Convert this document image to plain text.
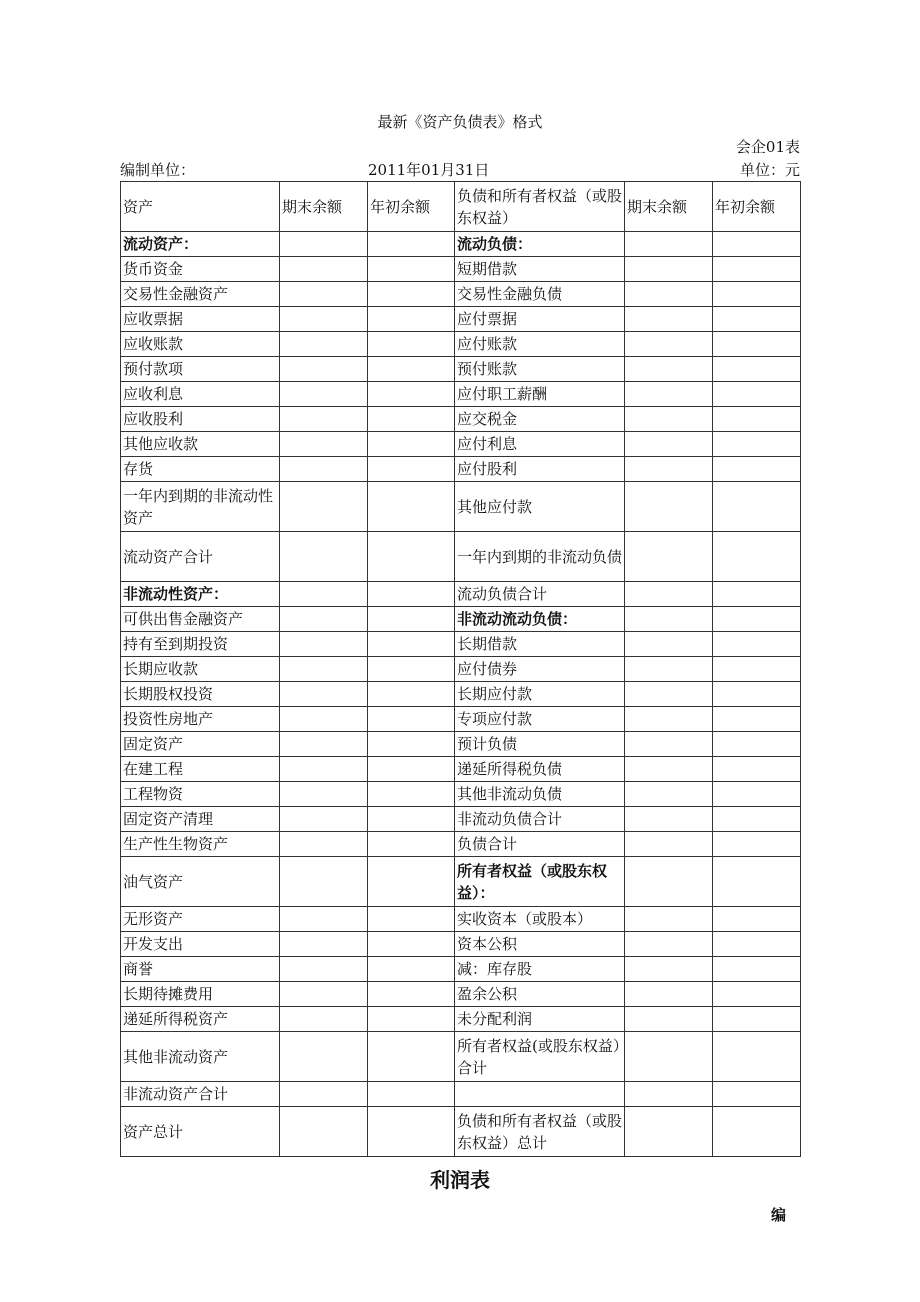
最新《资产负债表》格式
会企01表
编制单位：	2011年01月31日	单位：元
资产	期末余额	年初余额	负债和所有者权益（或股东权益）	期末余额	年初余额
流动资产：			流动负债：		
货币资金			短期借款		
交易性金融资产			交易性金融负债		
应收票据			应付票据		
应收账款			应付账款		
预付款项			预付账款		
应收利息			应付职工薪酬		
应收股利			应交税金		
其他应收款			应付利息		
存货			应付股利		
一年内到期的非流动性资产			其他应付款		
流动资产合计			一年内到期的非流动负债		
非流动性资产：			流动负债合计		
可供出售金融资产			非流动流动负债：		
持有至到期投资			长期借款		
长期应收款			应付债券		
长期股权投资			长期应付款		
投资性房地产			专项应付款		
固定资产			预计负债		
在建工程			递延所得税负债		
工程物资			其他非流动负债		
固定资产清理			非流动负债合计		
生产性生物资产			负债合计		
油气资产			所有者权益（或股东权益）：		
无形资产			实收资本（或股本）		
开发支出			资本公积		
商誉			减：库存股		
长期待摊费用			盈余公积		
递延所得税资产			未分配利润		
其他非流动资产			所有者权益(或股东权益）合计		
非流动资产合计					
资产总计			负债和所有者权益（或股东权益）总计		
利润表
编
